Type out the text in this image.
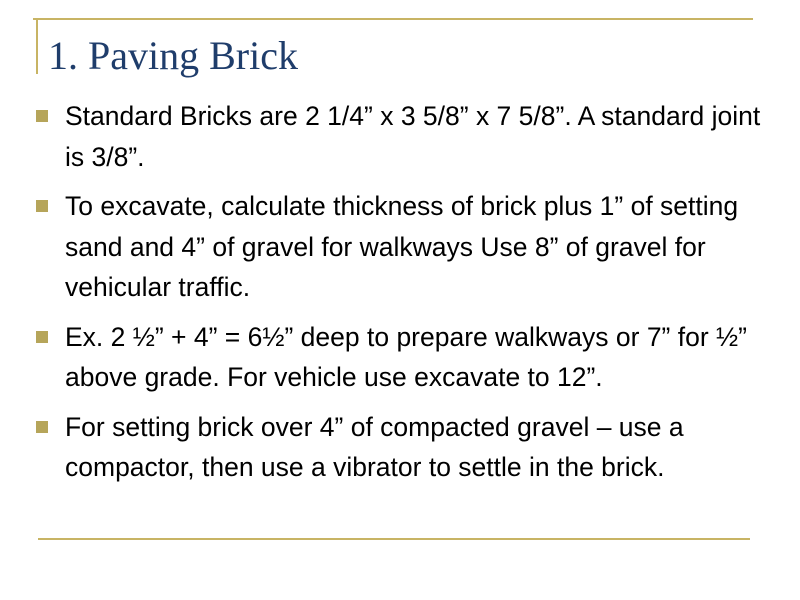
1. Paving Brick
Standard Bricks are 2 1/4” x 3 5/8” x 7 5/8”. A standard joint is 3/8”.
To excavate, calculate thickness of brick plus 1” of setting sand and 4” of gravel for walkways Use 8” of gravel for vehicular traffic.
Ex. 2 ½” + 4” = 6½” deep to prepare walkways or 7” for ½” above grade. For vehicle use excavate to 12”.
For setting brick over 4” of compacted gravel – use a compactor, then use a vibrator to settle in the brick.
